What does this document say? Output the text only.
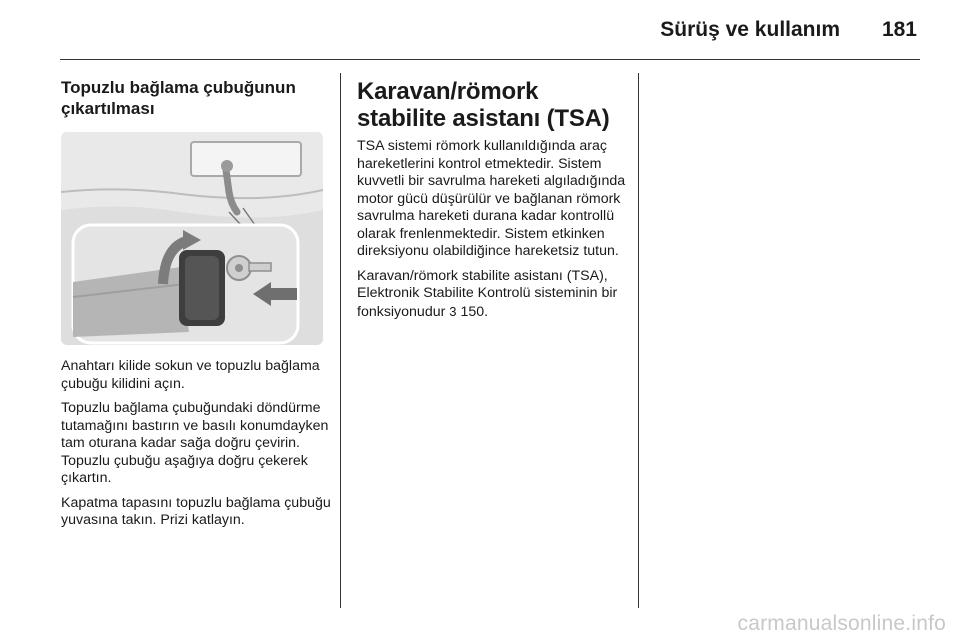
Sürüş ve kullanım	181
Topuzlu bağlama çubuğunun çıkartılması

Anahtarı kilide sokun ve topuzlu bağlama çubuğu kilidini açın.

Topuzlu bağlama çubuğundaki döndürme tutamağını bastırın ve basılı konumdayken tam oturana kadar sağa doğru çevirin. Topuzlu çubuğu aşağıya doğru çekerek çıkartın.

Kapatma tapasını topuzlu bağlama çubuğu yuvasına takın. Prizi katlayın.

Karavan/römork stabilite asistanı (TSA)

TSA sistemi römork kullanıldığında araç hareketlerini kontrol etmektedir. Sistem kuvvetli bir savrulma hareketi algıladığında motor gücü düşürülür ve bağlanan römork savrulma hareketi durana kadar kontrollü olarak frenlenmektedir. Sistem etkinken direksiyonu olabildiğince hareketsiz tutun.

Karavan/römork stabilite asistanı (TSA), Elektronik Stabilite Kontrolü sisteminin bir fonksiyonudur 3 150.

carmanualsonline.info
